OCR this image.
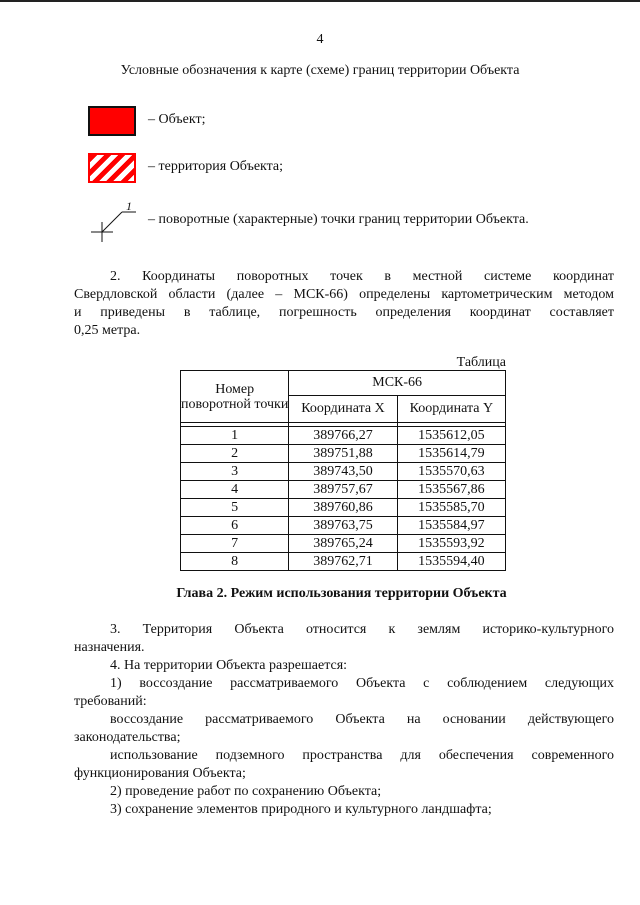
4
Условные обозначения к карте (схеме) границ территории Объекта
– Объект;
– территория Объекта;
1
– поворотные (характерные) точки границ территории Объекта.
2. Координаты поворотных точек в местной системе координат
Свердловской области (далее – МСК-66) определены картометрическим методом
и приведены в таблице, погрешность определения координат составляет
0,25 метра.
Таблица
Номер поворотной точки	МСК-66	
	Координата X	Координата Y

1	389766,27	1535612,05
2	389751,88	1535614,79
3	389743,50	1535570,63
4	389757,67	1535567,86
5	389760,86	1535585,70
6	389763,75	1535584,97
7	389765,24	1535593,92
8	389762,71	1535594,40
Глава 2. Режим использования территории Объекта
3. Территория Объекта относится к землям историко-культурного
назначения.
4. На территории Объекта разрешается:
1) воссоздание рассматриваемого Объекта с соблюдением следующих
требований:
воссоздание рассматриваемого Объекта на основании действующего
законодательства;
использование подземного пространства для обеспечения современного
функционирования Объекта;
2) проведение работ по сохранению Объекта;
3) сохранение элементов природного и культурного ландшафта;
